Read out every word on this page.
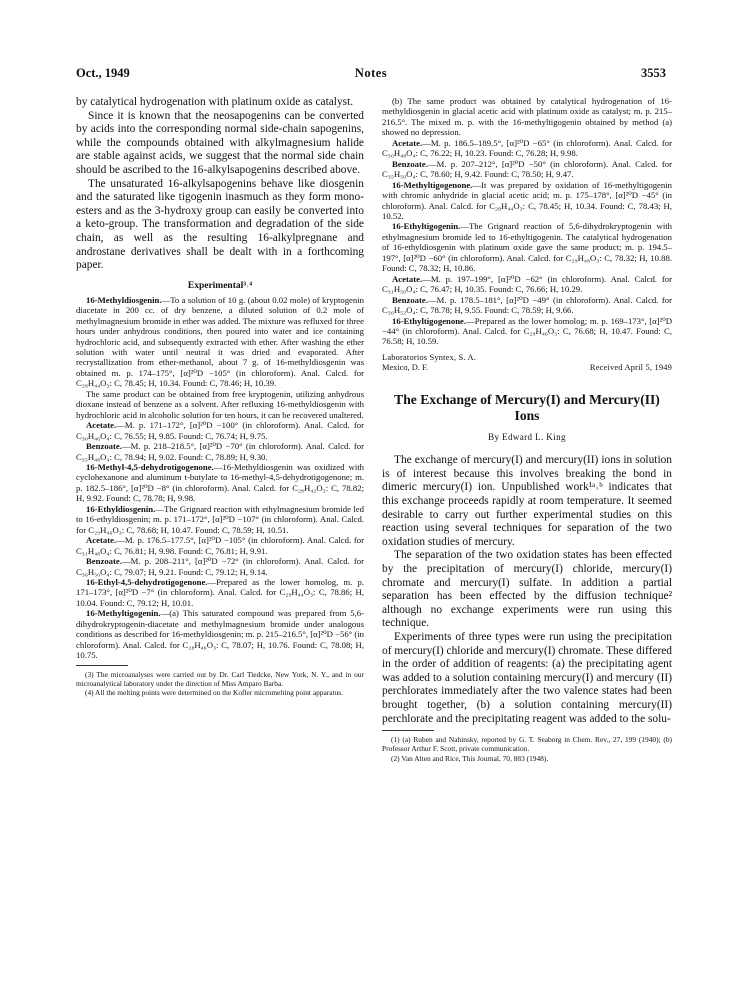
Oct., 1949	Notes	3553

by catalytical hydrogenation with platinum oxide as catalyst.

Since it is known that the neosapogenins can be converted by acids into the corresponding normal side-chain sapogenins, while the compounds obtained with alkylmagnesium halide are stable against acids, we suggest that the normal side chain should be ascribed to the 16-alkylsapogenins described above.

The unsaturated 16-alkylsapogenins behave like diosgenin and the saturated like tigogenin inasmuch as they form mono-esters and as the 3-hydroxy group can easily be converted into a keto-group. The transformation and degradation of the side chain, as well as the resulting 16-alkylpregnane and androstane derivatives shall be dealt with in a forthcoming paper.

Experimental³˒⁴

16-Methyldiosgenin.—To a solution of 10 g. (about 0.02 mole) of kryptogenin diacetate in 200 cc. of dry benzene, a diluted solution of 0.2 mole of methylmagnesium bromide in ether was added. The mixture was refluxed for three hours under anhydrous conditions, then poured into water and ice containing hydrochloric acid, and subsequently extracted with ether. After washing the ether solution with water until neutral it was dried and evaporated. After recrystallization from ether-methanol, about 7 g. of 16-methyldiosgenin was obtained m. p. 174–175°, [α]²⁰D −105° (in chloroform). Anal. Calcd. for C₂₈H₄₄O₃: C, 78.45; H, 10.34. Found: C, 78.46; H, 10.39.

The same product can be obtained from free kryptogenin, utilizing anhydrous dioxane instead of benzene as a solvent. After refluxing 16-methyldiosgenin with hydrochloric acid in alcoholic solution for ten hours, it can be recovered unaltered.

Acetate.—M. p. 171–172°, [α]²⁰D −100° (in chloroform). Anal. Calcd. for C₃₀H₄₆O₄: C, 76.55; H, 9.85. Found: C, 76.74; H, 9.75.

Benzoate.—M. p. 218–218.5°, [α]²⁰D −70° (in chloroform). Anal. Calcd. for C₃₅H₄₈O₄: C, 78.94; H, 9.02. Found: C, 78.89; H, 9.30.

16-Methyl-4,5-dehydrotigogenone.—16-Methyldiosgenin was oxidized with cyclohexanone and aluminum t-butylate to 16-methyl-4,5-dehydrotigogenone; m. p. 182.5–186°, [α]²⁰D −8° (in chloroform). Anal. Calcd. for C₂₈H₄₂O₃: C, 78.82; H, 9.92. Found: C, 78.78; H, 9.98.

16-Ethyldiosgenin.—The Grignard reaction with ethylmagnesium bromide led to 16-ethyldiosgenin; m. p. 171–172°, [α]²⁰D −107° (in chloroform). Anal. Calcd. for C₂₉H₄₆O₃: C, 78.68; H, 10.47. Found: C, 78.59; H, 10.51.

Acetate.—M. p. 176.5–177.5°, [α]²⁰D −105° (in chloroform). Anal. Calcd. for C₃₁H₄₈O₄: C, 76.81; H, 9.98. Found: C, 76.81; H, 9.91.

Benzoate.—M. p. 208–211°, [α]²⁰D −72° (in chloroform). Anal. Calcd. for C₃₆H₅₀O₄: C, 79.07; H, 9.21. Found: C, 79.12; H, 9.14.

16-Ethyl-4,5-dehydrotigogenone.—Prepared as the lower homolog, m. p. 171–173°, [α]²⁰D −7° (in chloroform). Anal. Calcd. for C₂₉H₄₄O₃: C, 78.86; H, 10.04. Found: C, 79.12; H, 10.01.

16-Methyltigogenin.—(a) This saturated compound was prepared from 5,6-dihydrokryptogenin-diacetate and methylmagnesium bromide under analogous conditions as described for 16-methyldiosgenin; m. p. 215–216.5°, [α]²⁰D −56° (in chloroform). Anal. Calcd. for C₂₈H₄₆O₃: C, 78.07; H, 10.76. Found: C, 78.08; H, 10.75.

(3) The microanalyses were carried out by Dr. Carl Tiedcke, New York, N. Y., and in our microanalytical laboratory under the direction of Miss Amparo Barba.

(4) All the melting points were determined on the Kofler micromelting point apparatus.

(b) The same product was obtained by catalytical hydrogenation of 16-methyldiosgenin in glacial acetic acid with platinum oxide as catalyst; m. p. 215–216.5°. The mixed m. p. with the 16-methyltigogenin obtained by method (a) showed no depression.

Acetate.—M. p. 186.5–189.5°, [α]²⁰D −65° (in chloroform). Anal. Calcd. for C₃₀H₄₈O₄: C, 76.22; H, 10.23. Found: C, 76.28; H, 9.98.

Benzoate.—M. p. 207–212°, [α]²⁰D −50° (in chloroform). Anal. Calcd. for C₃₅H₅₀O₄: C, 78.60; H, 9.42. Found: C, 78.50; H, 9.47.

16-Methyltigogenone.—It was prepared by oxidation of 16-methyltigogenin with chromic anhydride in glacial acetic acid; m. p. 175–178°, [α]²⁰D −45° (in chloroform). Anal. Calcd. for C₂₈H₄₄O₃: C, 78.45; H, 10.34. Found: C, 78.43; H, 10.52.

16-Ethyltigogenin.—The Grignard reaction of 5,6-dihydrokryptogenin with ethylmagnesium bromide led to 16-ethyltigogenin. The catalytical hydrogenation of 16-ethyldiosgenin with platinum oxide gave the same product; m. p. 194.5–197°, [α]²⁰D −60° (in chloroform). Anal. Calcd. for C₂₉H₄₈O₃: C, 78.32; H, 10.88. Found: C, 78.32; H, 10.86.

Acetate.—M. p. 197–199°, [α]²⁰D −62° (in chloroform). Anal. Calcd. for C₃₁H₅₀O₄: C, 76.47; H, 10.35. Found: C, 76.66; H, 10.29.

Benzoate.—M. p. 178.5–181°, [α]²⁰D −49° (in chloroform). Anal. Calcd. for C₃₆H₅₂O₄: C, 78.78; H, 9.55. Found: C, 78.59; H, 9.66.

16-Ethyltigogenone.—Prepared as the lower homolog; m. p. 169–173°, [α]²⁰D −44° (in chloroform). Anal. Calcd. for C₂₉H₄₆O₃: C, 76.68; H, 10.47. Found: C, 76.58; H, 10.59.

Laboratorios Syntex, S. A.

Mexico, D. F.	Received April 5, 1949
The Exchange of Mercury(I) and Mercury(II)
Ions
By Edward L. King

The exchange of mercury(I) and mercury(II) ions in solution is of interest because this involves breaking the bond in dimeric mercury(I) ion. Unpublished work¹ᵃ˒ᵇ indicates that this exchange proceeds rapidly at room temperature. It seemed desirable to carry out further experimental studies on this reaction using several techniques for separation of the two oxidation studies of mercury.

The separation of the two oxidation states has been effected by the precipitation of mercury(I) chloride, mercury(I) chromate and mercury(I) sulfate. In addition a partial separation has been effected by the diffusion technique² although no exchange experiments were run using this technique.

Experiments of three types were run using the precipitation of mercury(I) chloride and mercury(I) chromate. These differed in the order of addition of reagents: (a) the precipitating agent was added to a solution containing mercury(I) and mercury (II) perchlorates immediately after the two valence states had been brought together, (b) a solution containing mercury(II) perchlorate and the precipitating reagent was added to the solu-

(1) (a) Ruben and Nahinsky, reported by G. T. Seaborg in Chem. Rev., 27, 199 (1940); (b) Professor Arthur F. Scott, private communication.

(2) Van Alten and Rice, This Journal, 70, 883 (1948).
